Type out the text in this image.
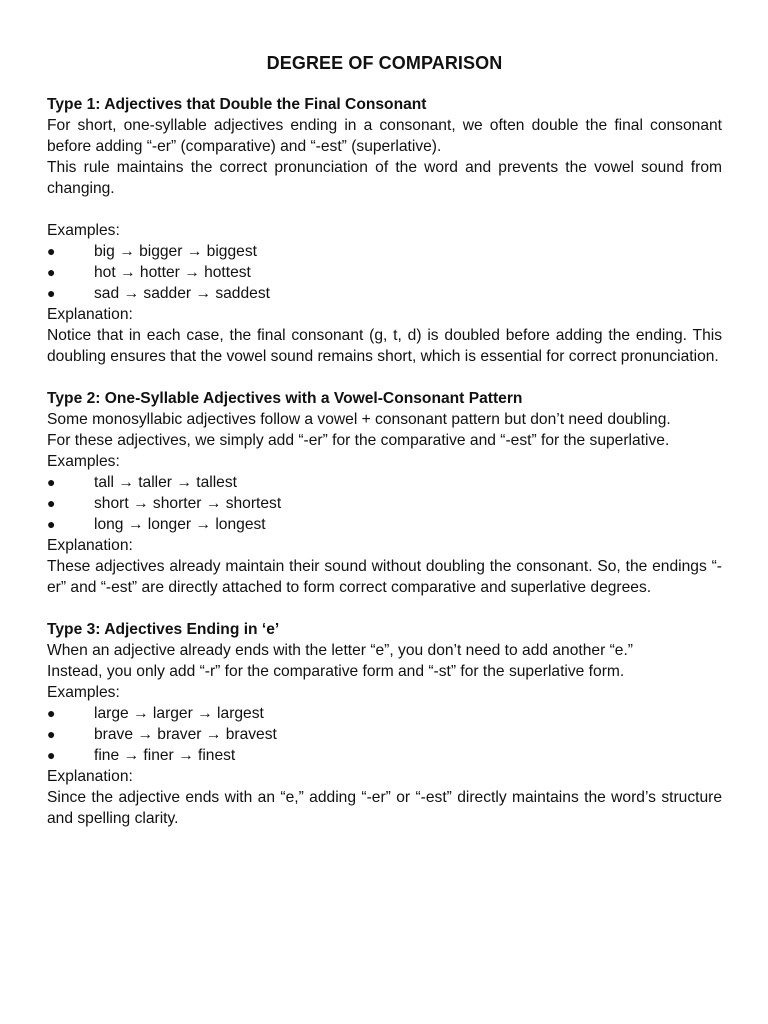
DEGREE OF COMPARISON

Type 1: Adjectives that Double the Final Consonant

For short, one-syllable adjectives ending in a consonant, we often double the final consonant before adding “-er” (comparative) and “-est” (superlative).

This rule maintains the correct pronunciation of the word and prevents the vowel sound from changing.

Examples:

● big → bigger → biggest
● hot → hotter → hottest
● sad → sadder → saddest

Explanation:

Notice that in each case, the final consonant (g, t, d) is doubled before adding the ending. This doubling ensures that the vowel sound remains short, which is essential for correct pronunciation.

Type 2: One-Syllable Adjectives with a Vowel-Consonant Pattern

Some monosyllabic adjectives follow a vowel + consonant pattern but don’t need doubling.

For these adjectives, we simply add “-er” for the comparative and “-est” for the superlative.

Examples:

● tall → taller → tallest
● short → shorter → shortest
● long → longer → longest

Explanation:

These adjectives already maintain their sound without doubling the consonant. So, the endings “-er” and “-est” are directly attached to form correct comparative and superlative degrees.

Type 3: Adjectives Ending in ‘e’

When an adjective already ends with the letter “e”, you don’t need to add another “e.”

Instead, you only add “-r” for the comparative form and “-st” for the superlative form.

Examples:

● large → larger → largest
● brave → braver → bravest
● fine → finer → finest

Explanation:

Since the adjective ends with an “e,” adding “-er” or “-est” directly maintains the word’s structure and spelling clarity.
